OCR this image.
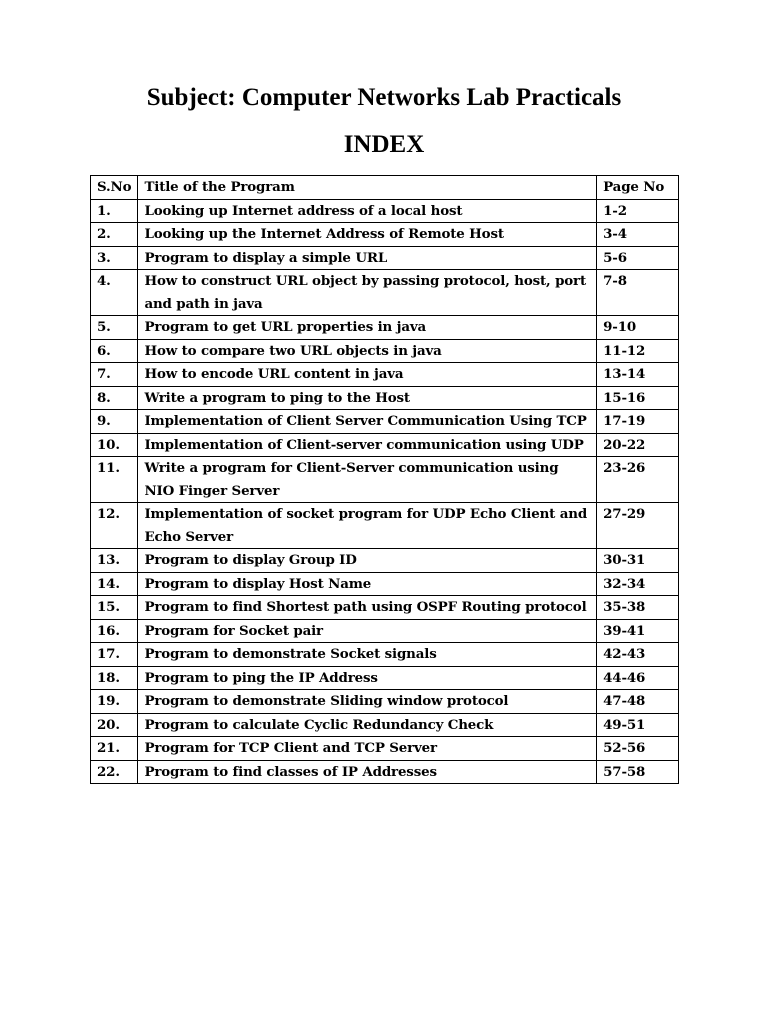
Subject: Computer Networks Lab Practicals
INDEX
S.No	Title of the Program	Page No
1.	Looking up Internet address of a local host	1-2
2.	Looking up the Internet Address of Remote Host	3-4
3.	Program to display a simple URL	5-6
4.	How to construct URL object by passing protocol, host, port and path in java	7-8
5.	Program to get URL properties in java	9-10
6.	How to compare two URL objects in java	11-12
7.	How to encode URL content in java	13-14
8.	Write a program to ping to the Host	15-16
9.	Implementation of Client Server Communication Using TCP	17-19
10.	Implementation of Client-server communication using UDP	20-22
11.	Write a program for Client-Server communication using NIO Finger Server	23-26
12.	Implementation of socket program for UDP Echo Client and Echo Server	27-29
13.	Program to display Group ID	30-31
14.	Program to display Host Name	32-34
15.	Program to find Shortest path using OSPF Routing protocol	35-38
16.	Program for Socket pair	39-41
17.	Program to demonstrate Socket signals	42-43
18.	Program to ping the IP Address	44-46
19.	Program to demonstrate Sliding window protocol	47-48
20.	Program to calculate Cyclic Redundancy Check	49-51
21.	Program for TCP Client and TCP Server	52-56
22.	Program to find classes of IP Addresses	57-58
